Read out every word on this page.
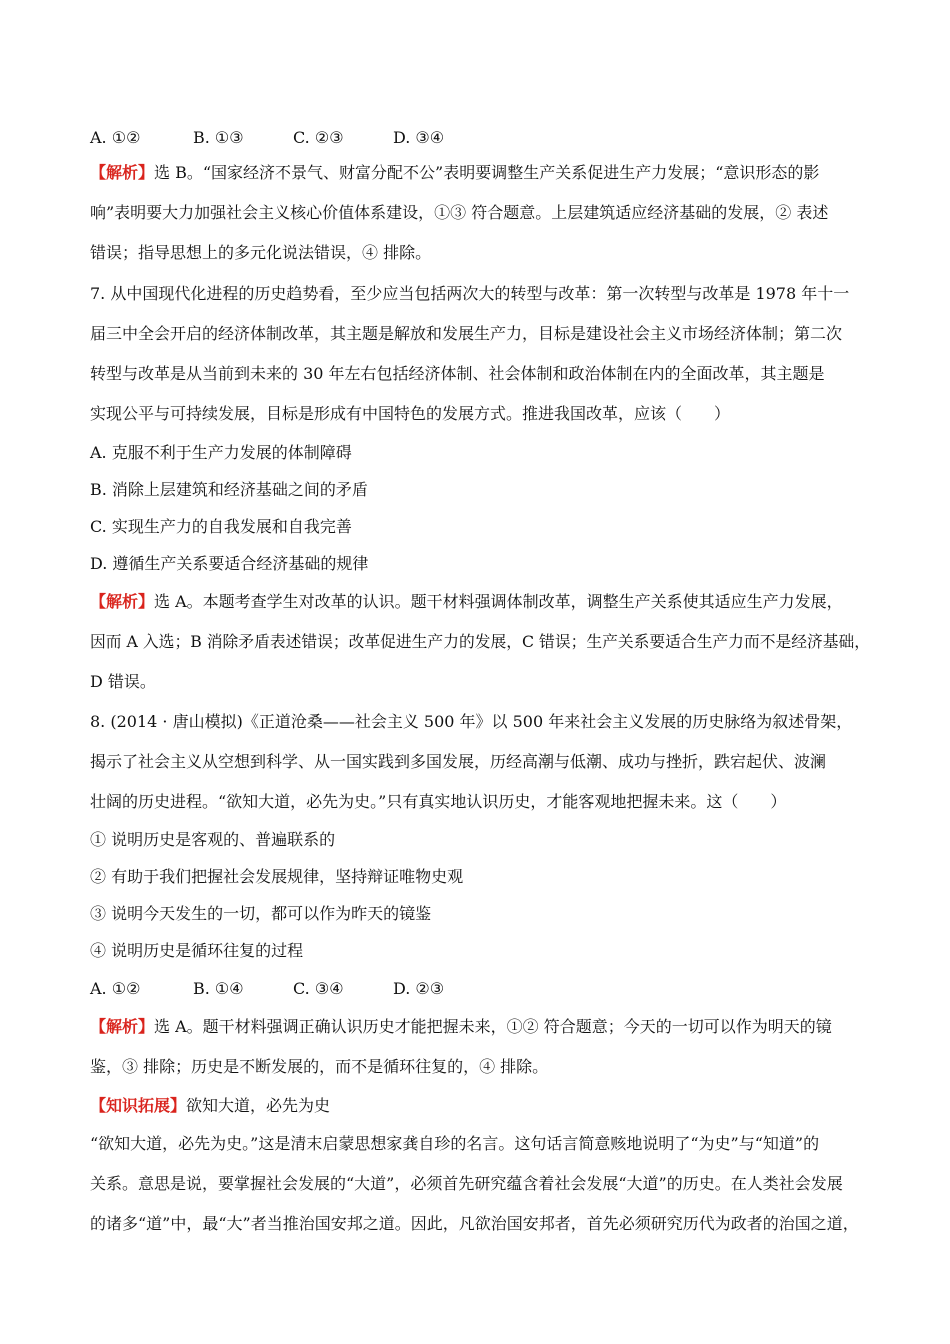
A. ①②	B. ①③	C. ②③	D. ③④
【解析】选 B。“国家经济不景气、财富分配不公”表明要调整生产关系促进生产力发展；“意识形态的影
响”表明要大力加强社会主义核心价值体系建设，①③ 符合题意。上层建筑适应经济基础的发展，② 表述
错误；指导思想上的多元化说法错误，④ 排除。
7. 从中国现代化进程的历史趋势看，至少应当包括两次大的转型与改革：第一次转型与改革是 1978 年十一
届三中全会开启的经济体制改革，其主题是解放和发展生产力，目标是建设社会主义市场经济体制；第二次
转型与改革是从当前到未来的 30 年左右包括经济体制、社会体制和政治体制在内的全面改革，其主题是
实现公平与可持续发展，目标是形成有中国特色的发展方式。推进我国改革，应该（　　）
A. 克服不利于生产力发展的体制障碍
B. 消除上层建筑和经济基础之间的矛盾
C. 实现生产力的自我发展和自我完善
D. 遵循生产关系要适合经济基础的规律
【解析】选 A。本题考查学生对改革的认识。题干材料强调体制改革，调整生产关系使其适应生产力发展，
因而 A 入选；B 消除矛盾表述错误；改革促进生产力的发展，C 错误；生产关系要适合生产力而不是经济基础，
D 错误。
8. (2014 · 唐山模拟)《正道沧桑——社会主义 500 年》以 500 年来社会主义发展的历史脉络为叙述骨架，
揭示了社会主义从空想到科学、从一国实践到多国发展，历经高潮与低潮、成功与挫折，跌宕起伏、波澜
壮阔的历史进程。“欲知大道，必先为史。”只有真实地认识历史，才能客观地把握未来。这（　　）
① 说明历史是客观的、普遍联系的
② 有助于我们把握社会发展规律，坚持辩证唯物史观
③ 说明今天发生的一切，都可以作为昨天的镜鉴
④ 说明历史是循环往复的过程
A. ①②	B. ①④	C. ③④	D. ②③
【解析】选 A。题干材料强调正确认识历史才能把握未来，①② 符合题意；今天的一切可以作为明天的镜
鉴，③ 排除；历史是不断发展的，而不是循环往复的，④ 排除。
【知识拓展】欲知大道，必先为史
“欲知大道，必先为史。”这是清末启蒙思想家龚自珍的名言。这句话言简意赅地说明了“为史”与“知道”的
关系。意思是说，要掌握社会发展的“大道”，必须首先研究蕴含着社会发展“大道”的历史。在人类社会发展
的诸多“道”中，最“大”者当推治国安邦之道。因此，凡欲治国安邦者，首先必须研究历代为政者的治国之道，
